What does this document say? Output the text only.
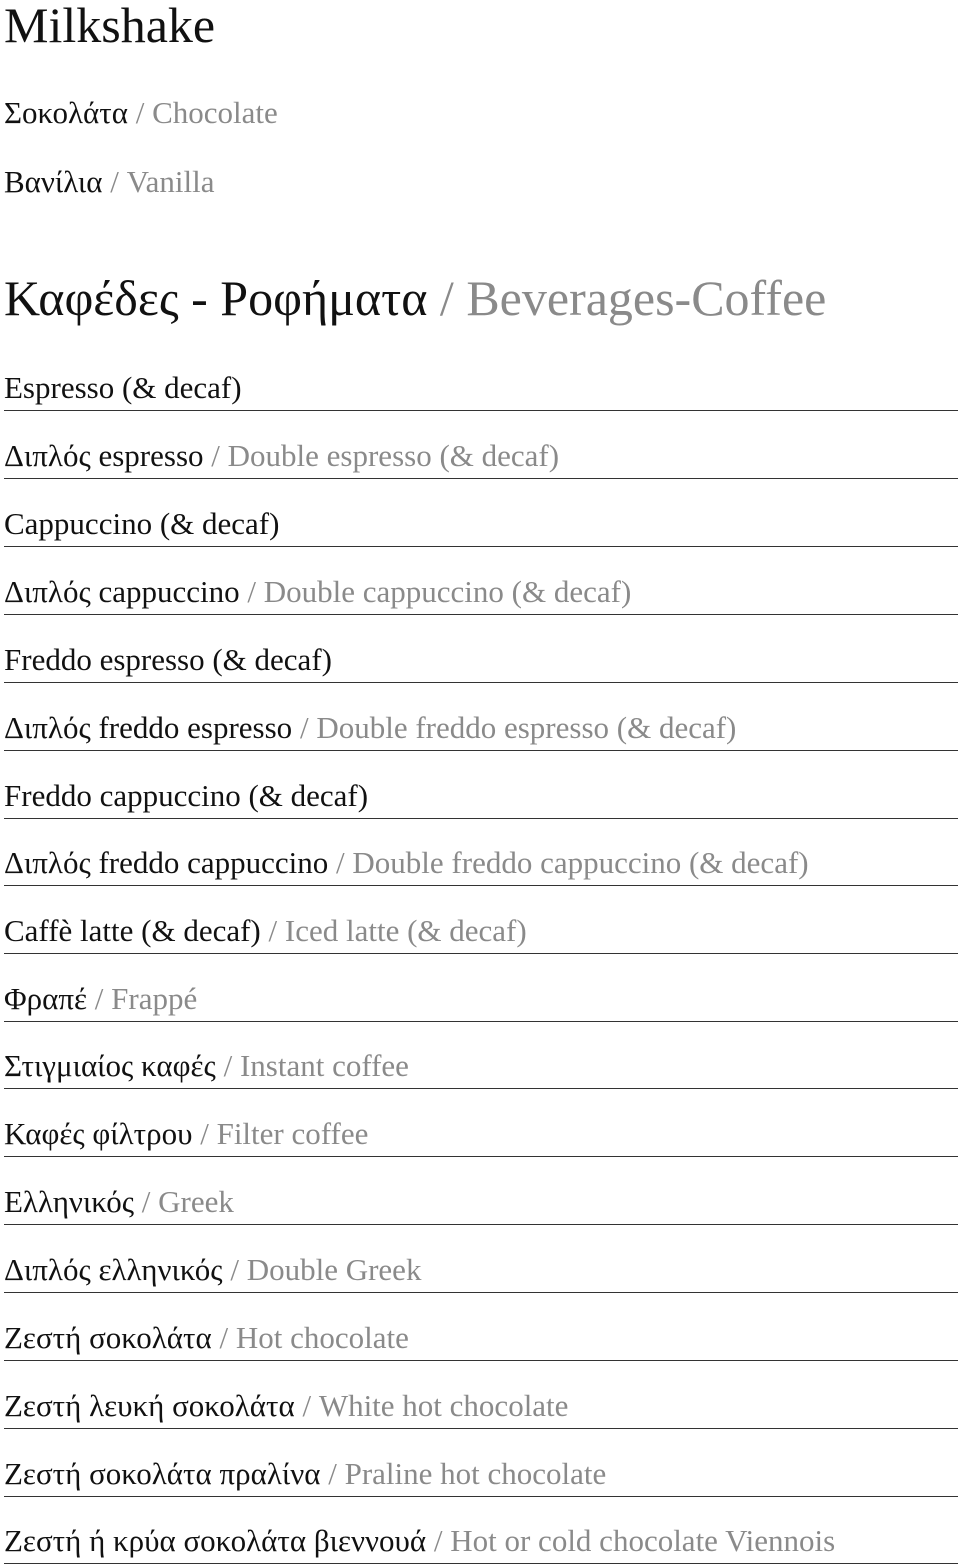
Milkshake
Σοκολάτα / Chocolate
Βανίλια / Vanilla
Καφέδες - Ροφήματα / Beverages-Coffee
Espresso (& decaf)
Διπλός espresso / Double espresso (& decaf)
Cappuccino (& decaf)
Διπλός cappuccino / Double cappuccino (& decaf)
Freddo espresso (& decaf)
Διπλός freddo espresso / Double freddo espresso (& decaf)
Freddo cappuccino (& decaf)
Διπλός freddo cappuccino / Double freddo cappuccino (& decaf)
Caffè latte (& decaf) / Iced latte (& decaf)
Φραπέ / Frappé
Στιγμιαίος καφές / Instant coffee
Καφές φίλτρου / Filter coffee
Ελληνικός / Greek
Διπλός ελληνικός / Double Greek
Ζεστή σοκολάτα / Hot chocolate
Ζεστή λευκή σοκολάτα / White hot chocolate
Ζεστή σοκολάτα πραλίνα / Praline hot chocolate
Ζεστή ή κρύα σοκολάτα βιεννουά / Hot or cold chocolate Viennois
